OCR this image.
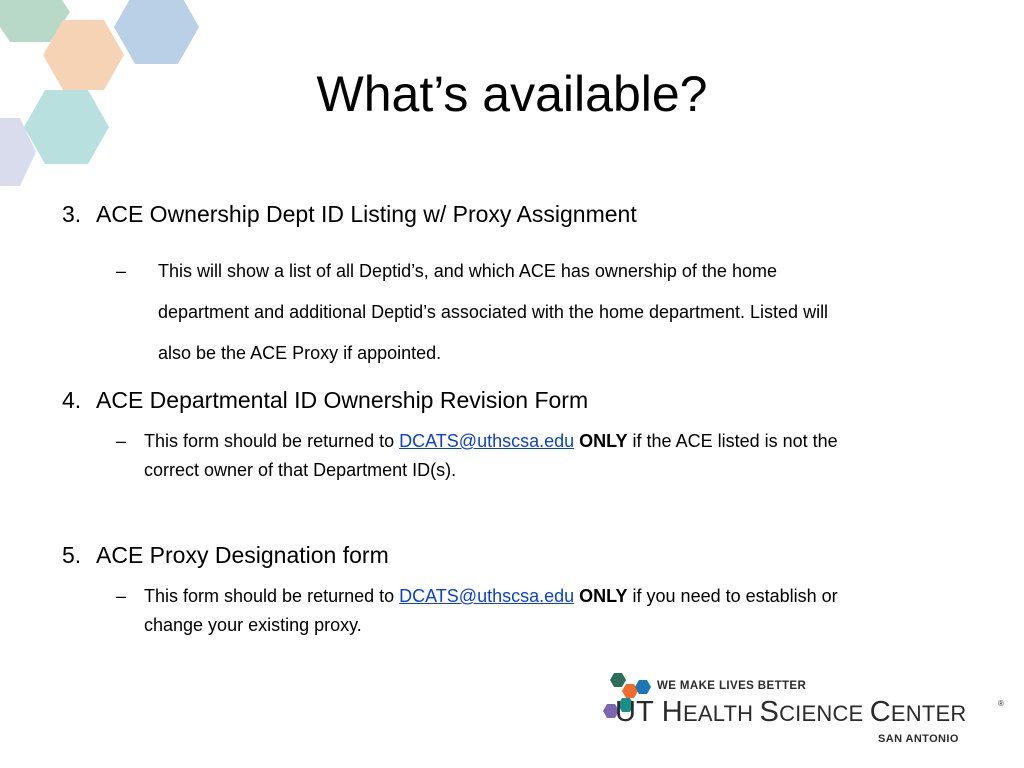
What’s available?
3. ACE Ownership Dept ID Listing w/ Proxy Assignment
– This will show a list of all Deptid’s, and which ACE has ownership of the home
department and additional Deptid’s associated with the home department. Listed will
also be the ACE Proxy if appointed.
4. ACE Departmental ID Ownership Revision Form
– This form should be returned to DCATS@uthscsa.edu ONLY if the ACE listed is not the
correct owner of that Department ID(s).
5. ACE Proxy Designation form
– This form should be returned to DCATS@uthscsa.edu ONLY if you need to establish or
change your existing proxy.
WE MAKE LIVES BETTER
UT HEALTH SCIENCE CENTER	®
SAN ANTONIO
